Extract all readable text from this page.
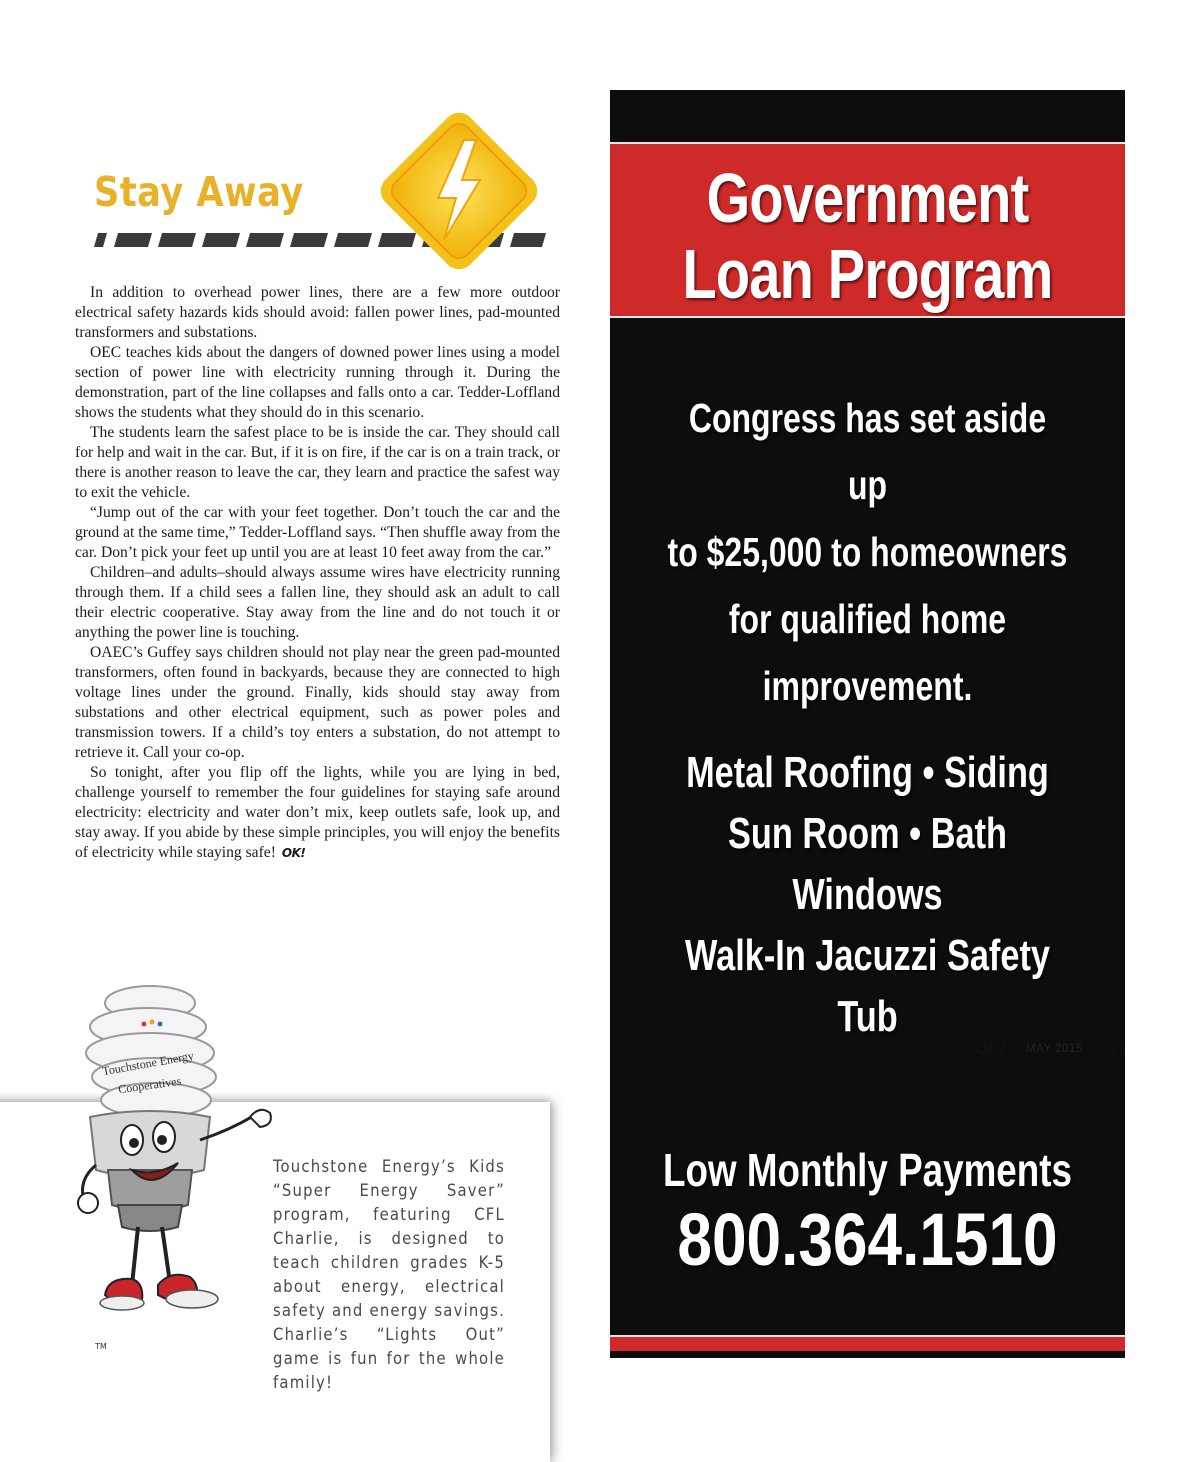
Stay Away

In addition to overhead power lines, there are a few more outdoor electrical safety hazards kids should avoid: fallen power lines, pad-mounted transformers and substations.

OEC teaches kids about the dangers of downed power lines using a model section of power line with electricity running through it. During the demonstration, part of the line collapses and falls onto a car. Tedder-Loffland shows the students what they should do in this scenario.

The students learn the safest place to be is inside the car. They should call for help and wait in the car. But, if it is on fire, if the car is on a train track, or there is another reason to leave the car, they learn and practice the safest way to exit the vehicle.

“Jump out of the car with your feet together. Don’t touch the car and the ground at the same time,” Tedder-Loffland says. “Then shuffle away from the car. Don’t pick your feet up until you are at least 10 feet away from the car.”

Children–and adults–should always assume wires have electricity running through them. If a child sees a fallen line, they should ask an adult to call their electric cooperative. Stay away from the line and do not touch it or anything the power line is touching.

OAEC’s Guffey says children should not play near the green pad-mounted transformers, often found in backyards, because they are connected to high voltage lines under the ground. Finally, kids should stay away from substations and other electrical equipment, such as power poles and transmission towers. If a child’s toy enters a substation, do not attempt to retrieve it. Call your co-op.

So tonight, after you flip off the lights, while you are lying in bed, challenge yourself to remember the four guidelines for staying safe around electricity: electricity and water don’t mix, keep outlets safe, look up, and stay away. If you abide by these simple principles, you will enjoy the benefits of electricity while staying safe! OK!

Touchstone Energy
Cooperatives
TM
Touchstone Energy’s Kids “Super Energy Saver” program, featuring CFL Charlie, is designed to teach children grades K-5 about energy, electrical safety and energy savings. Charlie’s “Lights Out” game is fun for the whole family!
Government
Loan Program
Congress has set aside up
to $25,000 to homeowners
for qualified home
improvement.
Metal Roofing • Siding
Sun Room • Bath
Windows
Walk-In Jacuzzi Safety Tub
Low Monthly Payments
800.364.1510
OK! MAY 2015 17
